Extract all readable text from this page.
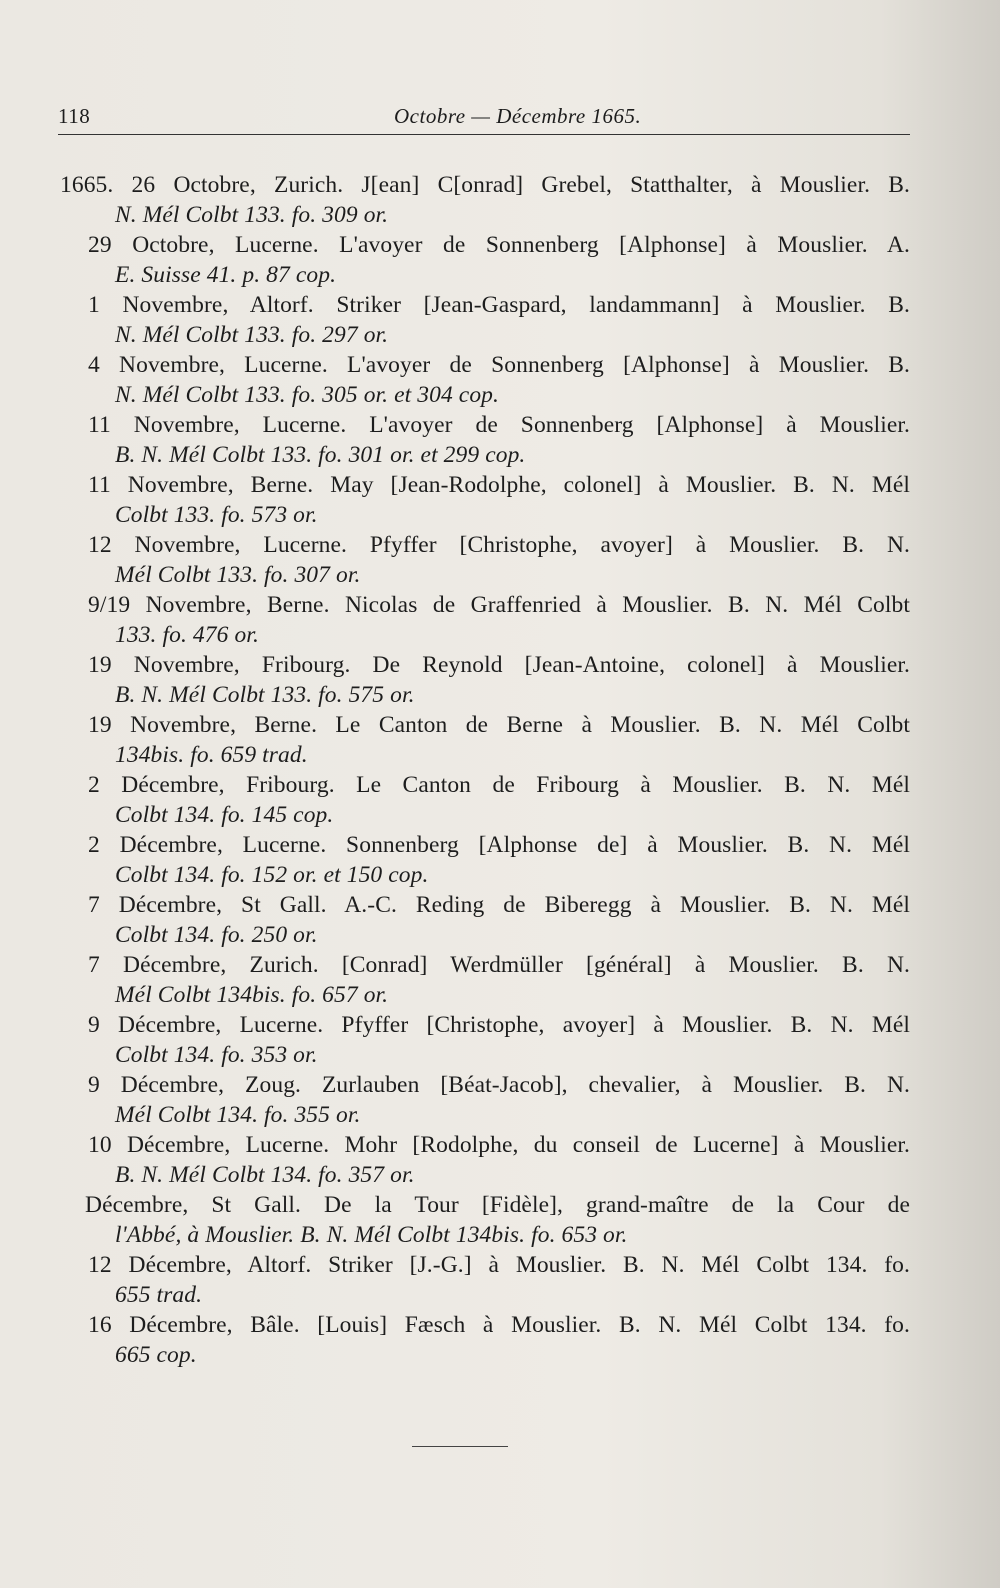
118	Octobre — Décembre 1665.
1665. 26 Octobre, Zurich. J[ean] C[onrad] Grebel, Statthalter, à Mouslier. B.
N. Mél Colbt 133. fo. 309 or.
29 Octobre, Lucerne. L'avoyer de Sonnenberg [Alphonse] à Mouslier. A.
E. Suisse 41. p. 87 cop.
1 Novembre, Altorf. Striker [Jean-Gaspard, landammann] à Mouslier. B.
N. Mél Colbt 133. fo. 297 or.
4 Novembre, Lucerne. L'avoyer de Sonnenberg [Alphonse] à Mouslier. B.
N. Mél Colbt 133. fo. 305 or. et 304 cop.
11 Novembre, Lucerne. L'avoyer de Sonnenberg [Alphonse] à Mouslier.
B. N. Mél Colbt 133. fo. 301 or. et 299 cop.
11 Novembre, Berne. May [Jean-Rodolphe, colonel] à Mouslier. B. N. Mél
Colbt 133. fo. 573 or.
12 Novembre, Lucerne. Pfyffer [Christophe, avoyer] à Mouslier. B. N.
Mél Colbt 133. fo. 307 or.
9/19 Novembre, Berne. Nicolas de Graffenried à Mouslier. B. N. Mél Colbt
133. fo. 476 or.
19 Novembre, Fribourg. De Reynold [Jean-Antoine, colonel] à Mouslier.
B. N. Mél Colbt 133. fo. 575 or.
19 Novembre, Berne. Le Canton de Berne à Mouslier. B. N. Mél Colbt
134bis. fo. 659 trad.
2 Décembre, Fribourg. Le Canton de Fribourg à Mouslier. B. N. Mél
Colbt 134. fo. 145 cop.
2 Décembre, Lucerne. Sonnenberg [Alphonse de] à Mouslier. B. N. Mél
Colbt 134. fo. 152 or. et 150 cop.
7 Décembre, St Gall. A.-C. Reding de Biberegg à Mouslier. B. N. Mél
Colbt 134. fo. 250 or.
7 Décembre, Zurich. [Conrad] Werdmüller [général] à Mouslier. B. N.
Mél Colbt 134bis. fo. 657 or.
9 Décembre, Lucerne. Pfyffer [Christophe, avoyer] à Mouslier. B. N. Mél
Colbt 134. fo. 353 or.
9 Décembre, Zoug. Zurlauben [Béat-Jacob], chevalier, à Mouslier. B. N.
Mél Colbt 134. fo. 355 or.
10 Décembre, Lucerne. Mohr [Rodolphe, du conseil de Lucerne] à Mouslier.
B. N. Mél Colbt 134. fo. 357 or.
Décembre, St Gall. De la Tour [Fidèle], grand-maître de la Cour de
l'Abbé, à Mouslier. B. N. Mél Colbt 134bis. fo. 653 or.
12 Décembre, Altorf. Striker [J.-G.] à Mouslier. B. N. Mél Colbt 134. fo.
655 trad.
16 Décembre, Bâle. [Louis] Fæsch à Mouslier. B. N. Mél Colbt 134. fo.
665 cop.
